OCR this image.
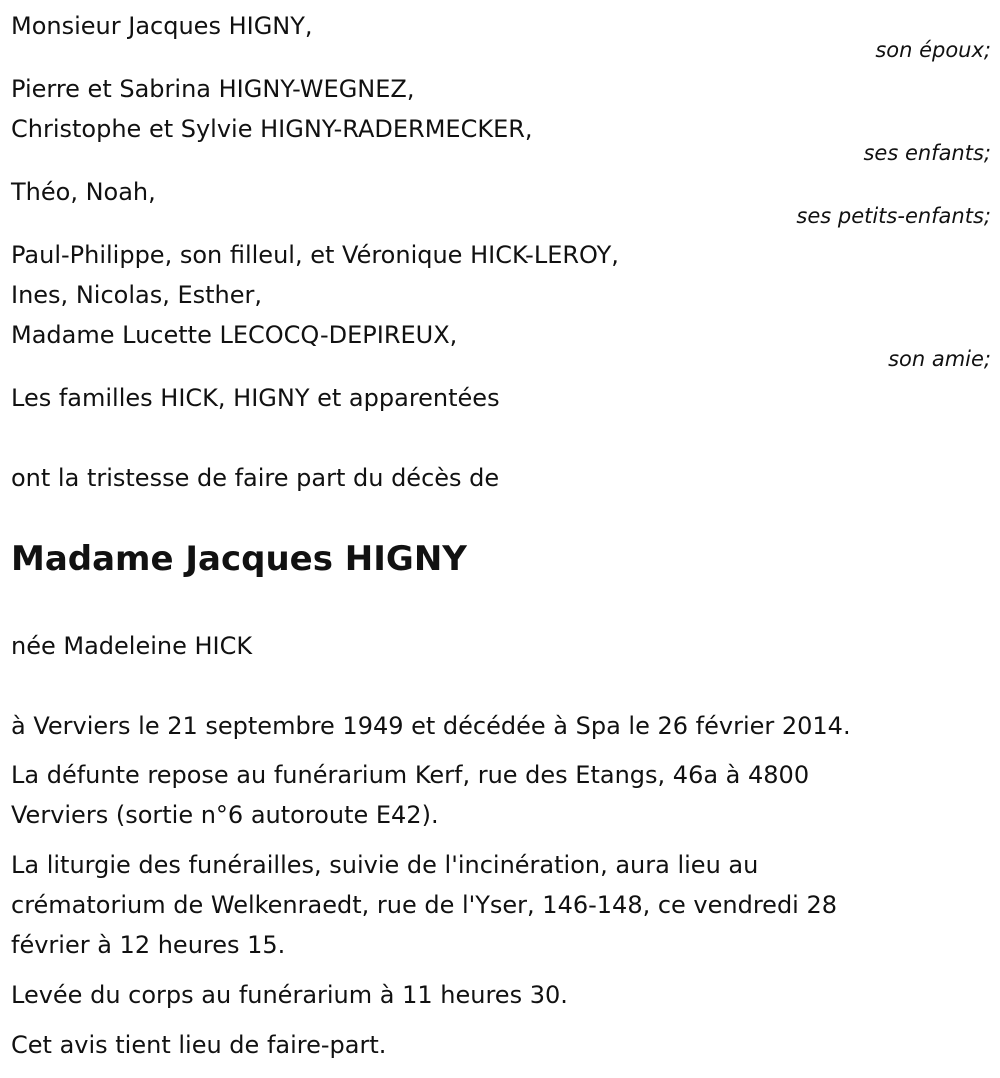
Monsieur Jacques HIGNY,
son époux;
Pierre et Sabrina HIGNY-WEGNEZ,
Christophe et Sylvie HIGNY-RADERMECKER,
ses enfants;
Théo, Noah,
ses petits-enfants;
Paul-Philippe, son filleul, et Véronique HICK-LEROY,
Ines, Nicolas, Esther,
Madame Lucette LECOCQ-DEPIREUX,
son amie;
Les familles HICK, HIGNY et apparentées
ont la tristesse de faire part du décès de
Madame Jacques HIGNY
née Madeleine HICK
à Verviers le 21 septembre 1949 et décédée à Spa le 26 février 2014.
La défunte repose au funérarium Kerf, rue des Etangs, 46a à 4800
Verviers (sortie n°6 autoroute E42).
La liturgie des funérailles, suivie de l'incinération, aura lieu au
crématorium de Welkenraedt, rue de l'Yser, 146-148, ce vendredi 28
février à 12 heures 15.
Levée du corps au funérarium à 11 heures 30.
Cet avis tient lieu de faire-part.
